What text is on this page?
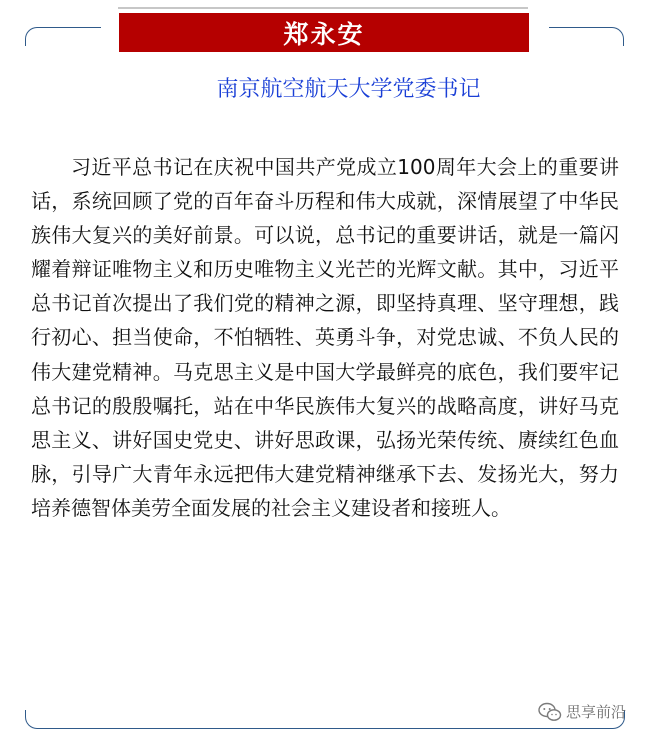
郑永安
南京航空航天大学党委书记

习近平总书记在庆祝中国共产党成立100周年大会上的重要讲话，系统回顾了党的百年奋斗历程和伟大成就，深情展望了中华民族伟大复兴的美好前景。可以说，总书记的重要讲话，就是一篇闪耀着辩证唯物主义和历史唯物主义光芒的光辉文献。其中，习近平总书记首次提出了我们党的精神之源，即坚持真理、坚守理想，践行初心、担当使命，不怕牺牲、英勇斗争，对党忠诚、不负人民的伟大建党精神。马克思主义是中国大学最鲜亮的底色，我们要牢记总书记的殷殷嘱托，站在中华民族伟大复兴的战略高度，讲好马克思主义、讲好国史党史、讲好思政课，弘扬光荣传统、赓续红色血脉，引导广大青年永远把伟大建党精神继承下去、发扬光大，努力培养德智体美劳全面发展的社会主义建设者和接班人。

思享前沿
